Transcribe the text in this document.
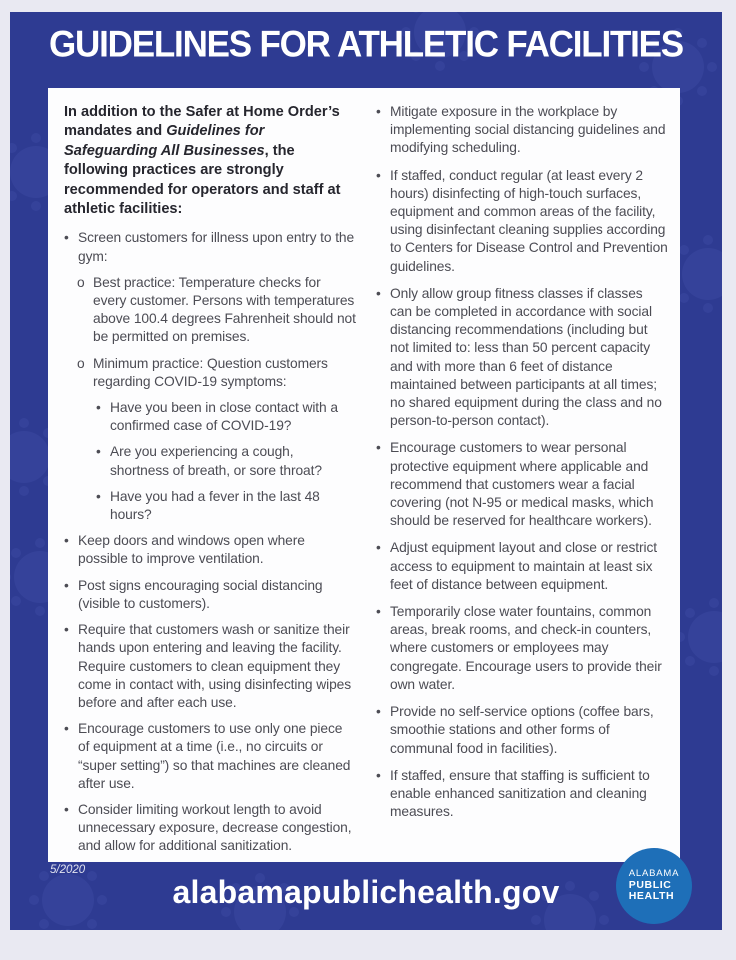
GUIDELINES FOR ATHLETIC FACILITIES

In addition to the Safer at Home Order’s mandates and Guidelines for Safeguarding All Businesses, the following practices are strongly recommended for operators and staff at athletic facilities:

• Screen customers for illness upon entry to the gym:
o Best practice: Temperature checks for every customer. Persons with temperatures above 100.4 degrees Fahrenheit should not be permitted on premises.
o Minimum practice: Question customers regarding COVID-19 symptoms:
• Have you been in close contact with a confirmed case of COVID-19?
• Are you experiencing a cough, shortness of breath, or sore throat?
• Have you had a fever in the last 48 hours?
• Keep doors and windows open where possible to improve ventilation.
• Post signs encouraging social distancing (visible to customers).
• Require that customers wash or sanitize their hands upon entering and leaving the facility. Require customers to clean equipment they come in contact with, using disinfecting wipes before and after each use.
• Encourage customers to use only one piece of equipment at a time (i.e., no circuits or “super setting”) so that machines are cleaned after use.
• Consider limiting workout length to avoid unnecessary exposure, decrease congestion, and allow for additional sanitization.
• Mitigate exposure in the workplace by implementing social distancing guidelines and modifying scheduling.
• If staffed, conduct regular (at least every 2 hours) disinfecting of high-touch surfaces, equipment and common areas of the facility, using disinfectant cleaning supplies according to Centers for Disease Control and Prevention guidelines.
• Only allow group fitness classes if classes can be completed in accordance with social distancing recommendations (including but not limited to: less than 50 percent capacity and with more than 6 feet of distance maintained between participants at all times; no shared equipment during the class and no person-to-person contact).
• Encourage customers to wear personal protective equipment where applicable and recommend that customers wear a facial covering (not N-95 or medical masks, which should be reserved for healthcare workers).
• Adjust equipment layout and close or restrict access to equipment to maintain at least six feet of distance between equipment.
• Temporarily close water fountains, common areas, break rooms, and check-in counters, where customers or employees may congregate. Encourage users to provide their own water.
• Provide no self-service options (coffee bars, smoothie stations and other forms of communal food in facilities).
• If staffed, ensure that staffing is sufficient to enable enhanced sanitization and cleaning measures.
5/2020
alabamapublichealth.gov
ALABAMA
PUBLIC
HEALTH
